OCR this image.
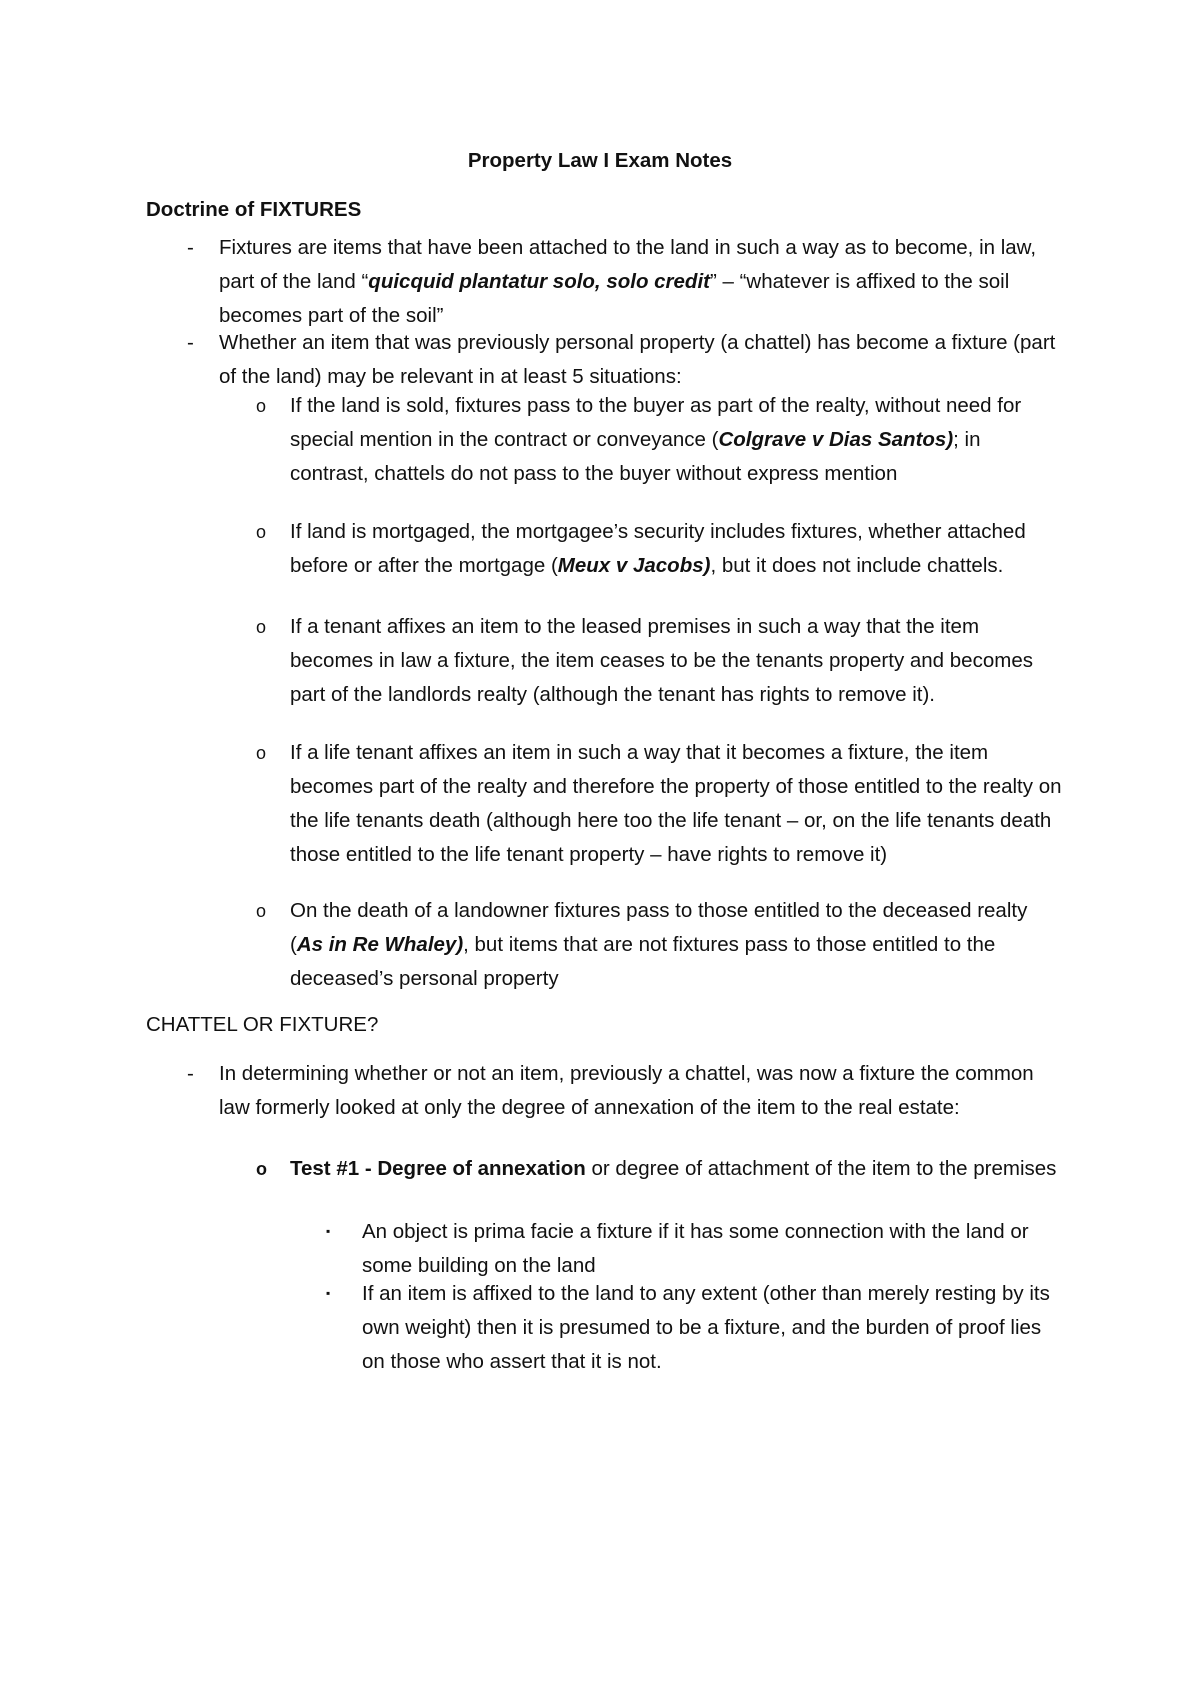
Property Law I Exam Notes
Doctrine of FIXTURES
- Fixtures are items that have been attached to the land in such a way as to become, in law, part of the land “quicquid plantatur solo, solo credit” – “whatever is affixed to the soil becomes part of the soil”
- Whether an item that was previously personal property (a chattel) has become a fixture (part of the land) may be relevant in at least 5 situations:
o If the land is sold, fixtures pass to the buyer as part of the realty, without need for special mention in the contract or conveyance (Colgrave v Dias Santos); in contrast, chattels do not pass to the buyer without express mention
o If land is mortgaged, the mortgagee’s security includes fixtures, whether attached before or after the mortgage (Meux v Jacobs), but it does not include chattels.
o If a tenant affixes an item to the leased premises in such a way that the item becomes in law a fixture, the item ceases to be the tenants property and becomes part of the landlords realty (although the tenant has rights to remove it).
o If a life tenant affixes an item in such a way that it becomes a fixture, the item becomes part of the realty and therefore the property of those entitled to the realty on the life tenants death (although here too the life tenant – or, on the life tenants death those entitled to the life tenant property – have rights to remove it)
o On the death of a landowner fixtures pass to those entitled to the deceased realty (As in Re Whaley), but items that are not fixtures pass to those entitled to the deceased’s personal property
CHATTEL OR FIXTURE?
- In determining whether or not an item, previously a chattel, was now a fixture the common law formerly looked at only the degree of annexation of the item to the real estate:
o Test #1 - Degree of annexation or degree of attachment of the item to the premises
▪ An object is prima facie a fixture if it has some connection with the land or some building on the land
▪ If an item is affixed to the land to any extent (other than merely resting by its own weight) then it is presumed to be a fixture, and the burden of proof lies on those who assert that it is not.
